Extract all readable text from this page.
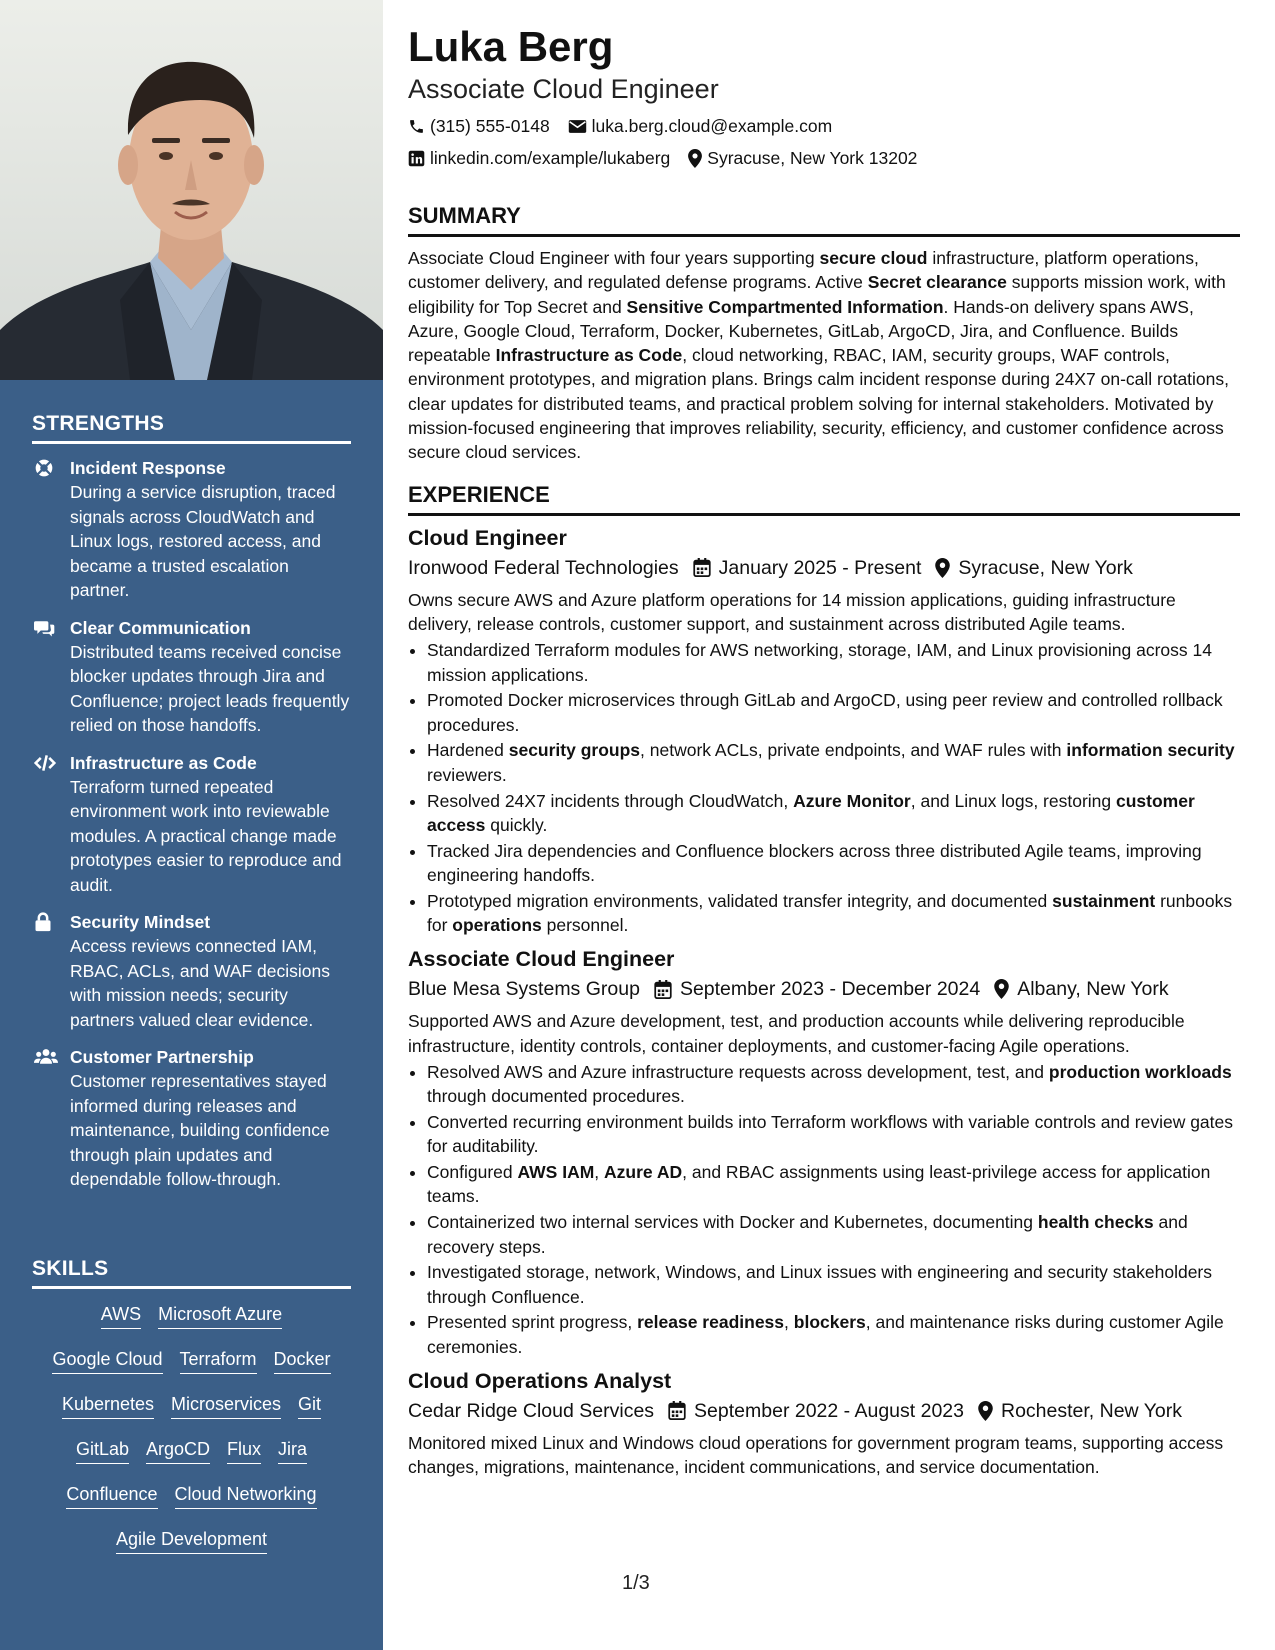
STRENGTHS
Incident Response
During a service disruption, traced signals across CloudWatch and Linux logs, restored access, and became a trusted escalation partner.
Clear Communication
Distributed teams received concise blocker updates through Jira and Confluence; project leads frequently relied on those handoffs.
Infrastructure as Code
Terraform turned repeated environment work into reviewable modules. A practical change made prototypes easier to reproduce and audit.
Security Mindset
Access reviews connected IAM, RBAC, ACLs, and WAF decisions with mission needs; security partners valued clear evidence.
Customer Partnership
Customer representatives stayed informed during releases and maintenance, building confidence through plain updates and dependable follow-through.
SKILLS
AWS Microsoft Azure
Google Cloud Terraform Docker
Kubernetes Microservices Git
GitLab ArgoCD Flux Jira
Confluence Cloud Networking
Agile Development
Luka Berg
Associate Cloud Engineer
(315) 555-0148 luka.berg.cloud@example.com
linkedin.com/example/lukaberg Syracuse, New York 13202
SUMMARY

Associate Cloud Engineer with four years supporting secure cloud infrastructure, platform operations, customer delivery, and regulated defense programs. Active Secret clearance supports mission work, with eligibility for Top Secret and Sensitive Compartmented Information. Hands-on delivery spans AWS, Azure, Google Cloud, Terraform, Docker, Kubernetes, GitLab, ArgoCD, Jira, and Confluence. Builds repeatable Infrastructure as Code, cloud networking, RBAC, IAM, security groups, WAF controls, environment prototypes, and migration plans. Brings calm incident response during 24X7 on-call rotations, clear updates for distributed teams, and practical problem solving for internal stakeholders. Motivated by mission-focused engineering that improves reliability, security, efficiency, and customer confidence across secure cloud services.

EXPERIENCE
Cloud Engineer
Ironwood Federal Technologies January 2025 - Present Syracuse, New York

Owns secure AWS and Azure platform operations for 14 mission applications, guiding infrastructure delivery, release controls, customer support, and sustainment across distributed Agile teams.

• Standardized Terraform modules for AWS networking, storage, IAM, and Linux provisioning across 14 mission applications.
• Promoted Docker microservices through GitLab and ArgoCD, using peer review and controlled rollback procedures.
• Hardened security groups, network ACLs, private endpoints, and WAF rules with information security reviewers.
• Resolved 24X7 incidents through CloudWatch, Azure Monitor, and Linux logs, restoring customer access quickly.
• Tracked Jira dependencies and Confluence blockers across three distributed Agile teams, improving engineering handoffs.
• Prototyped migration environments, validated transfer integrity, and documented sustainment runbooks for operations personnel.
Associate Cloud Engineer
Blue Mesa Systems Group September 2023 - December 2024 Albany, New York

Supported AWS and Azure development, test, and production accounts while delivering reproducible infrastructure, identity controls, container deployments, and customer-facing Agile operations.

• Resolved AWS and Azure infrastructure requests across development, test, and production workloads through documented procedures.
• Converted recurring environment builds into Terraform workflows with variable controls and review gates for auditability.
• Configured AWS IAM, Azure AD, and RBAC assignments using least-privilege access for application teams.
• Containerized two internal services with Docker and Kubernetes, documenting health checks and recovery steps.
• Investigated storage, network, Windows, and Linux issues with engineering and security stakeholders through Confluence.
• Presented sprint progress, release readiness, blockers, and maintenance risks during customer Agile ceremonies.
Cloud Operations Analyst
Cedar Ridge Cloud Services September 2022 - August 2023 Rochester, New York

Monitored mixed Linux and Windows cloud operations for government program teams, supporting access changes, migrations, maintenance, incident communications, and service documentation.

1/3
